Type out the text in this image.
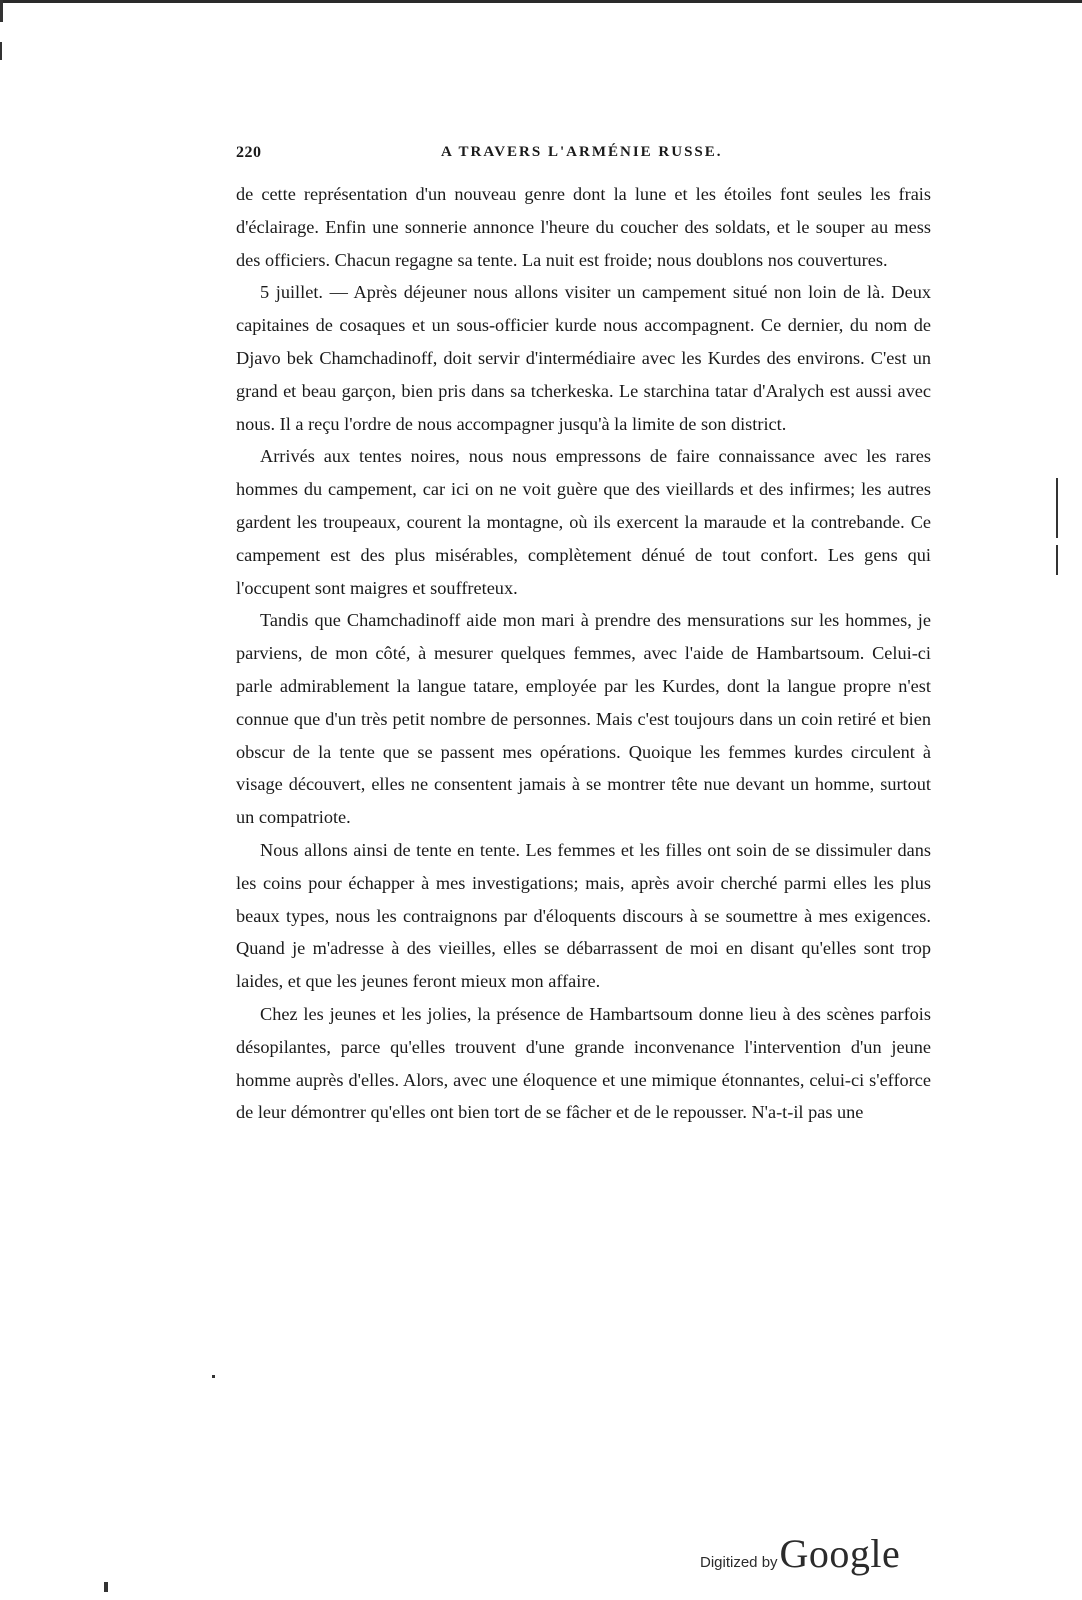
220	A TRAVERS L'ARMÉNIE RUSSE.

de cette représentation d'un nouveau genre dont la lune et les étoiles font seules les frais d'éclairage. Enfin une sonnerie annonce l'heure du coucher des soldats, et le souper au mess des officiers. Chacun regagne sa tente. La nuit est froide; nous doublons nos couvertures.

5 juillet. — Après déjeuner nous allons visiter un campement situé non loin de là. Deux capitaines de cosaques et un sous-officier kurde nous accompagnent. Ce dernier, du nom de Djavo bek Chamchadinoff, doit servir d'intermédiaire avec les Kurdes des environs. C'est un grand et beau garçon, bien pris dans sa tcherkeska. Le starchina tatar d'Aralych est aussi avec nous. Il a reçu l'ordre de nous accompagner jusqu'à la limite de son district.

Arrivés aux tentes noires, nous nous empressons de faire connaissance avec les rares hommes du campement, car ici on ne voit guère que des vieillards et des infirmes; les autres gardent les troupeaux, courent la montagne, où ils exercent la maraude et la contrebande. Ce campement est des plus misérables, complètement dénué de tout confort. Les gens qui l'occupent sont maigres et souffreteux.

Tandis que Chamchadinoff aide mon mari à prendre des mensurations sur les hommes, je parviens, de mon côté, à mesurer quelques femmes, avec l'aide de Hambartsoum. Celui-ci parle admirablement la langue tatare, employée par les Kurdes, dont la langue propre n'est connue que d'un très petit nombre de personnes. Mais c'est toujours dans un coin retiré et bien obscur de la tente que se passent mes opérations. Quoique les femmes kurdes circulent à visage découvert, elles ne consentent jamais à se montrer tête nue devant un homme, surtout un compatriote.

Nous allons ainsi de tente en tente. Les femmes et les filles ont soin de se dissimuler dans les coins pour échapper à mes investigations; mais, après avoir cherché parmi elles les plus beaux types, nous les contraignons par d'éloquents discours à se soumettre à mes exigences. Quand je m'adresse à des vieilles, elles se débarrassent de moi en disant qu'elles sont trop laides, et que les jeunes feront mieux mon affaire.

Chez les jeunes et les jolies, la présence de Hambartsoum donne lieu à des scènes parfois désopilantes, parce qu'elles trouvent d'une grande inconvenance l'intervention d'un jeune homme auprès d'elles. Alors, avec une éloquence et une mimique étonnantes, celui-ci s'efforce de leur démontrer qu'elles ont bien tort de se fâcher et de le repousser. N'a-t-il pas une

Digitized by Google
